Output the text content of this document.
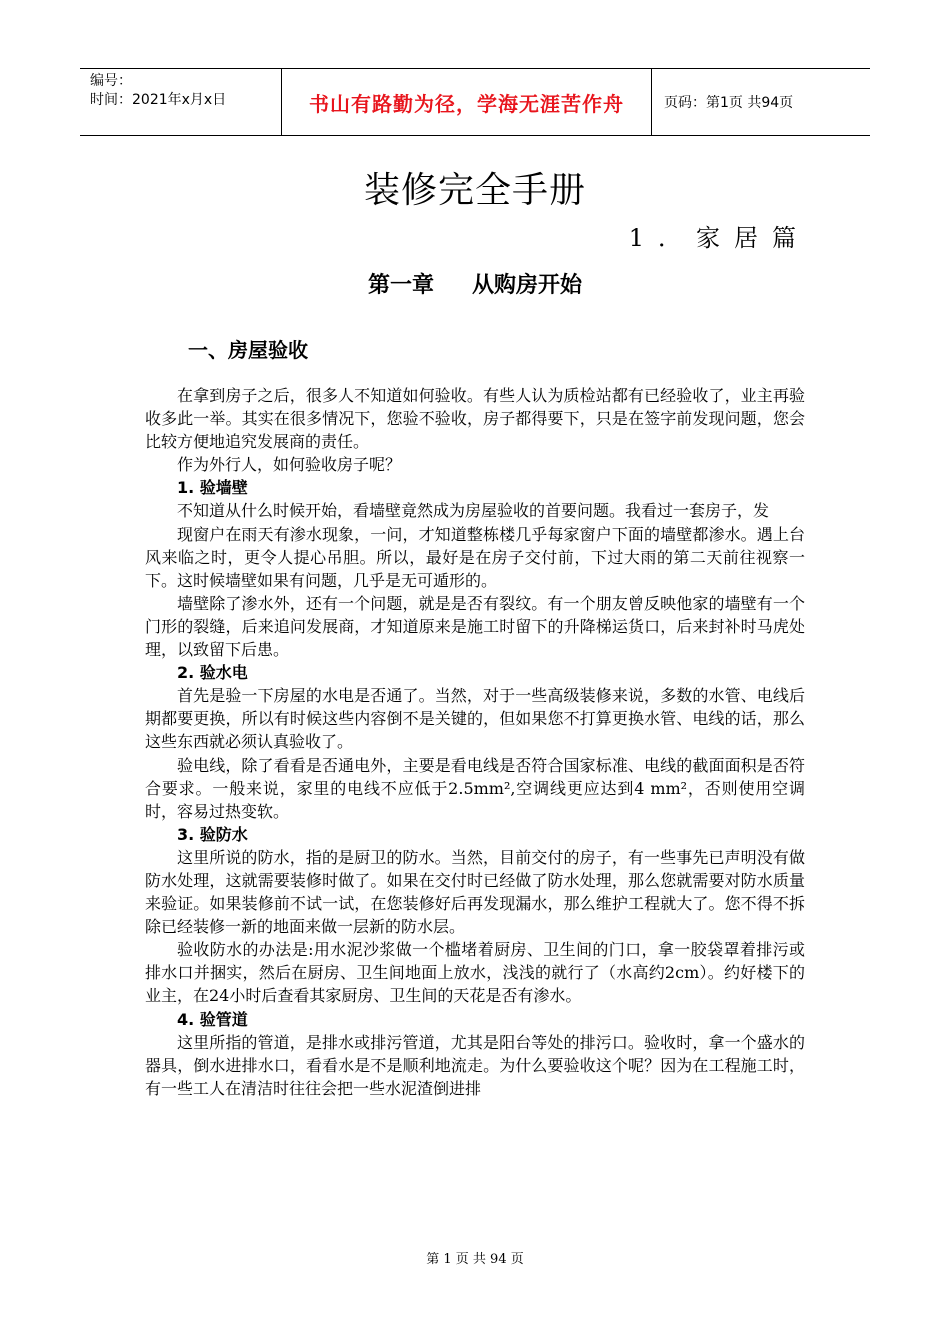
编号：
时间：2021年x月x日	书山有路勤为径，学海无涯苦作舟	页码：第1页 共94页
装修完全手册
1．家居篇
第一章 从购房开始
一、房屋验收

在拿到房子之后，很多人不知道如何验收。有些人认为质检站都有已经验收了，业主再验收多此一举。其实在很多情况下，您验不验收，房子都得要下，只是在签字前发现问题，您会比较方便地追究发展商的责任。

作为外行人，如何验收房子呢？

1. 验墙壁

不知道从什么时候开始，看墙壁竟然成为房屋验收的首要问题。我看过一套房子，发

现窗户在雨天有渗水现象，一问，才知道整栋楼几乎每家窗户下面的墙壁都渗水。遇上台风来临之时，更令人提心吊胆。所以，最好是在房子交付前，下过大雨的第二天前往视察一下。这时候墙壁如果有问题，几乎是无可遁形的。

墙壁除了渗水外，还有一个问题，就是是否有裂纹。有一个朋友曾反映他家的墙壁有一个门形的裂缝，后来追问发展商，才知道原来是施工时留下的升降梯运货口，后来封补时马虎处理，以致留下后患。

2. 验水电

首先是验一下房屋的水电是否通了。当然，对于一些高级装修来说，多数的水管、电线后期都要更换，所以有时候这些内容倒不是关键的，但如果您不打算更换水管、电线的话，那么这些东西就必须认真验收了。

验电线，除了看看是否通电外，主要是看电线是否符合国家标准、电线的截面面积是否符合要求。一般来说，家里的电线不应低于2.5mm²,空调线更应达到4 mm²，否则使用空调时，容易过热变软。

3. 验防水

这里所说的防水，指的是厨卫的防水。当然，目前交付的房子，有一些事先已声明没有做防水处理，这就需要装修时做了。如果在交付时已经做了防水处理，那么您就需要对防水质量来验证。如果装修前不试一试，在您装修好后再发现漏水，那么维护工程就大了。您不得不拆除已经装修一新的地面来做一层新的防水层。

验收防水的办法是:用水泥沙浆做一个槛堵着厨房、卫生间的门口，拿一胶袋罩着排污或排水口并捆实，然后在厨房、卫生间地面上放水，浅浅的就行了（水高约2cm）。约好楼下的业主，在24小时后查看其家厨房、卫生间的天花是否有渗水。

4. 验管道

这里所指的管道，是排水或排污管道，尤其是阳台等处的排污口。验收时，拿一个盛水的器具，倒水进排水口，看看水是不是顺利地流走。为什么要验收这个呢？因为在工程施工时，有一些工人在清洁时往往会把一些水泥渣倒进排

第 1 页 共 94 页
